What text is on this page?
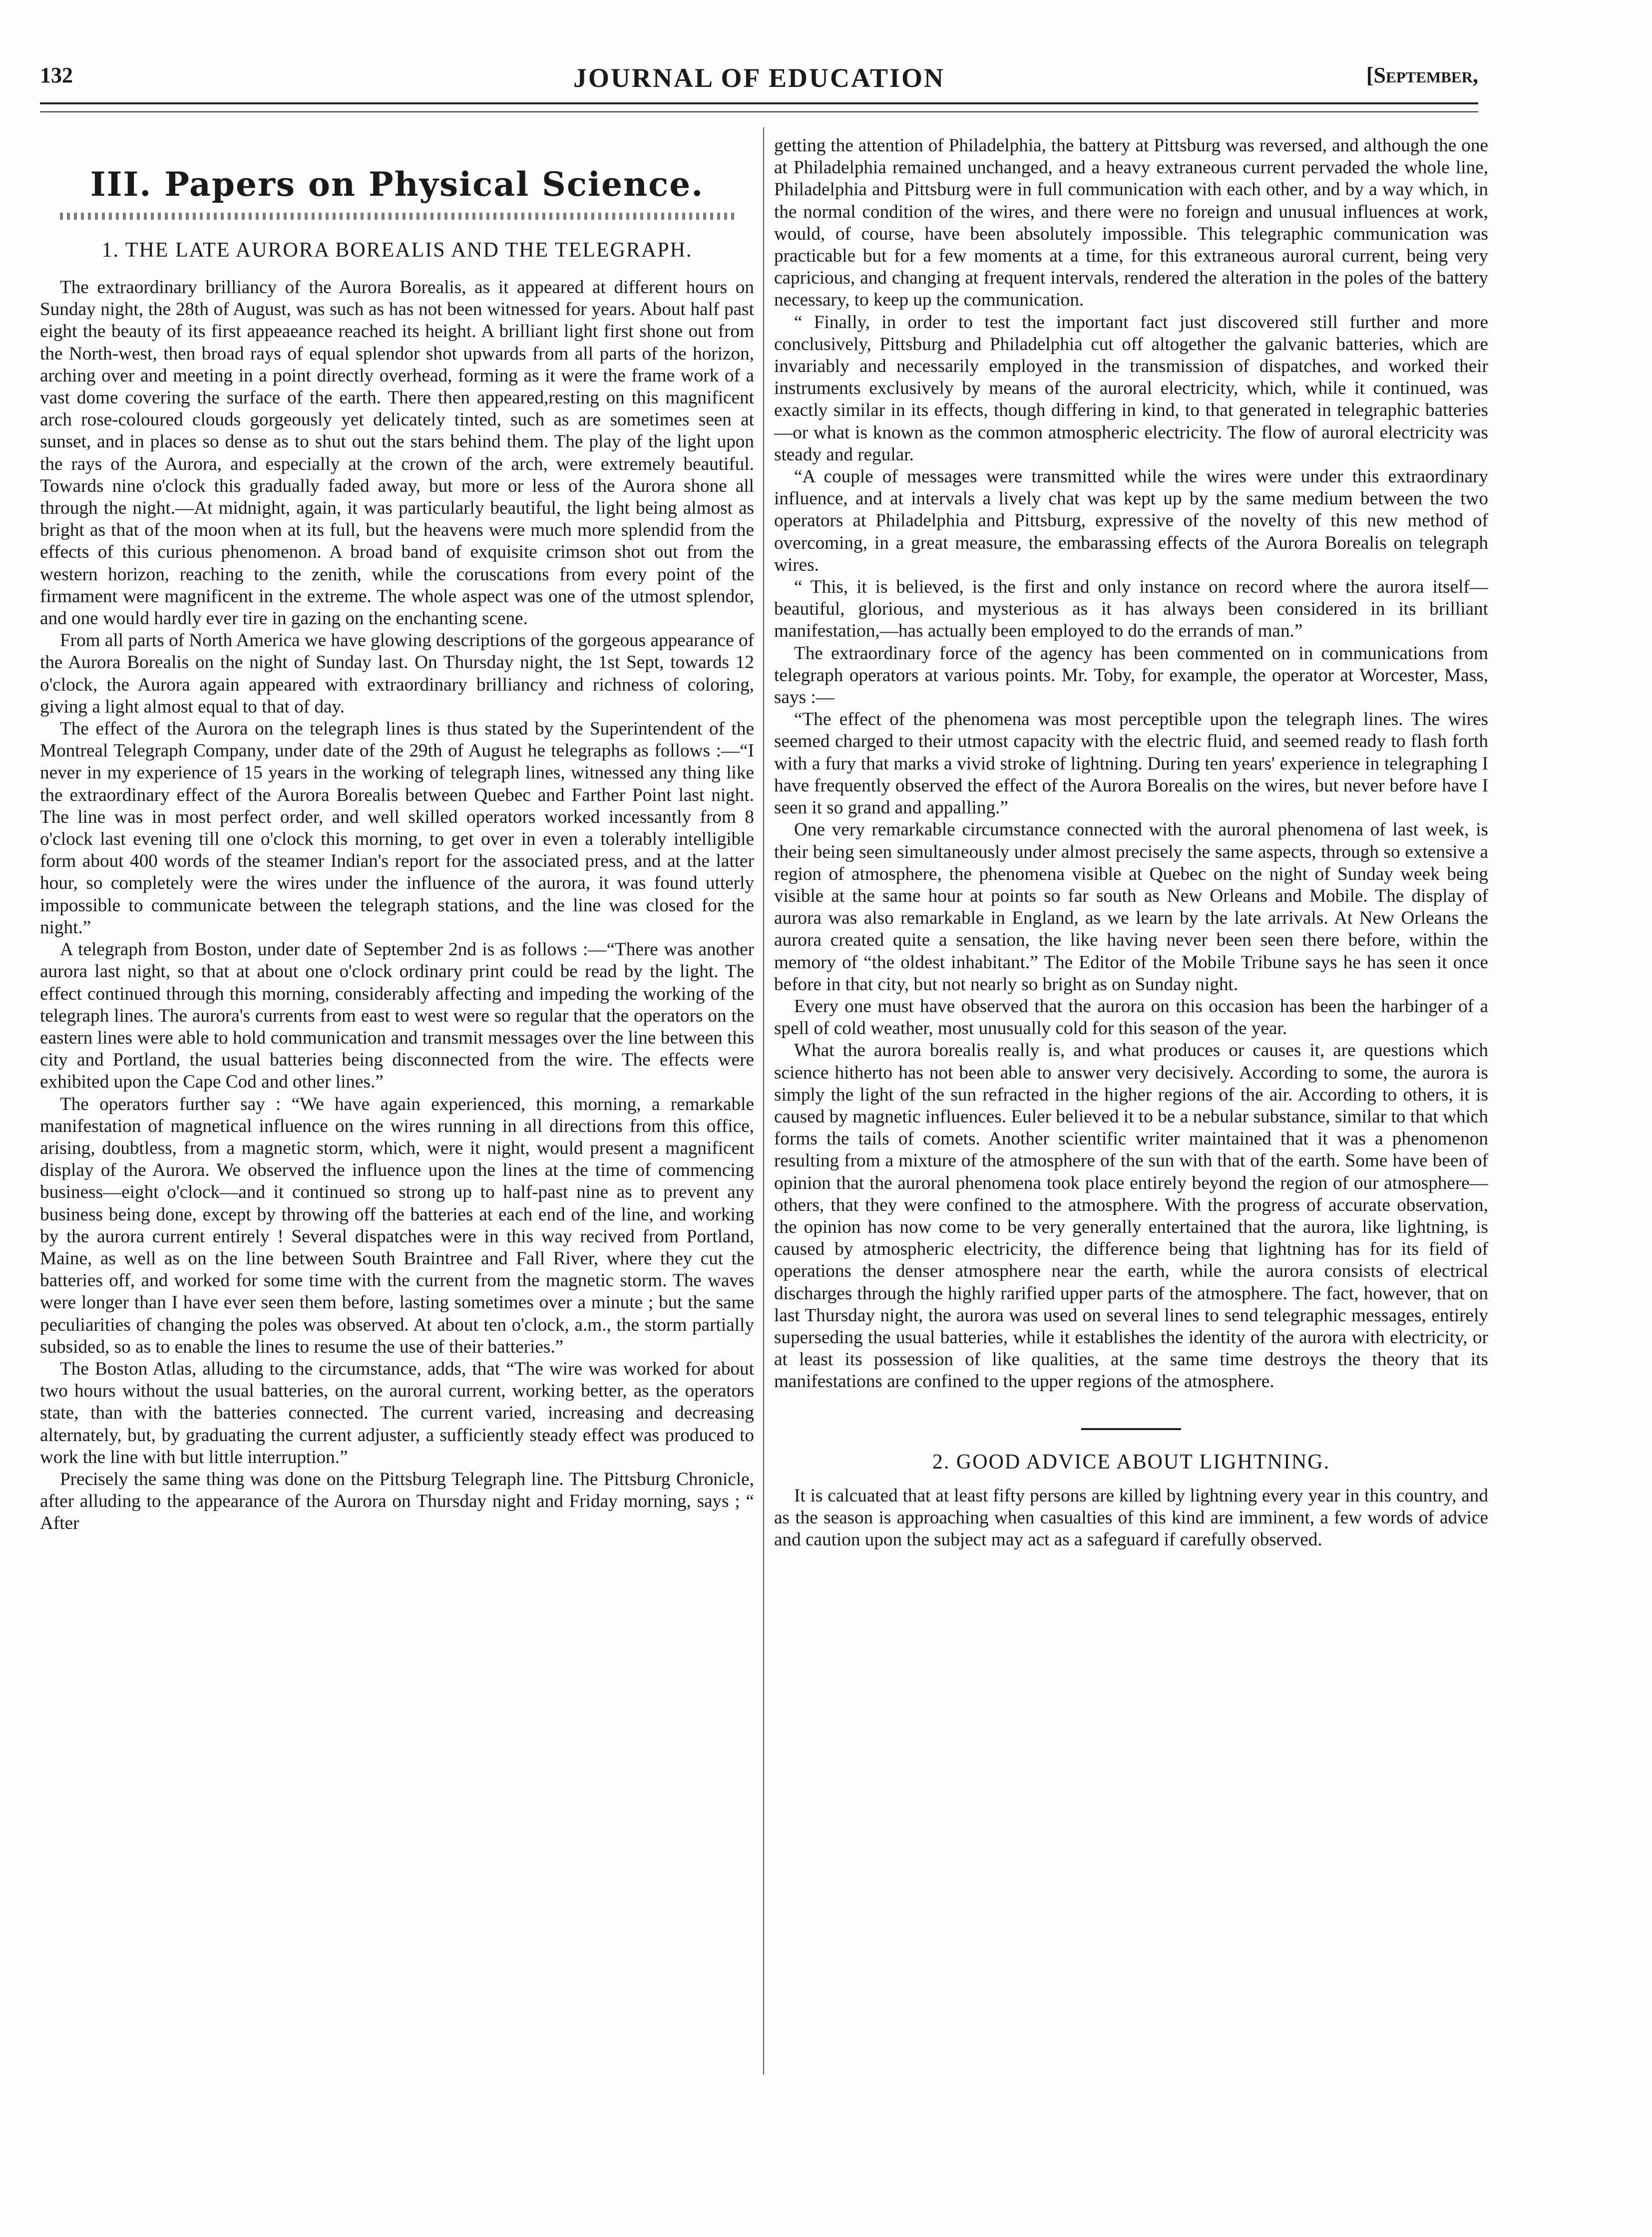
JOURNAL OF EDUCATION
132	[September,
III. Papers on Physical Science.
1. THE LATE AURORA BOREALIS AND THE TELEGRAPH.

The extraordinary brilliancy of the Aurora Borealis, as it appeared at different hours on Sunday night, the 28th of August, was such as has not been witnessed for years. About half past eight the beauty of its first appeaeance reached its height. A brilliant light first shone out from the North-west, then broad rays of equal splendor shot upwards from all parts of the horizon, arching over and meeting in a point directly overhead, forming as it were the frame work of a vast dome covering the surface of the earth. There then appeared,resting on this magnificent arch rose-coloured clouds gorgeously yet delicately tinted, such as are sometimes seen at sunset, and in places so dense as to shut out the stars behind them. The play of the light upon the rays of the Aurora, and especially at the crown of the arch, were extremely beautiful. Towards nine o'clock this gradually faded away, but more or less of the Aurora shone all through the night.—At midnight, again, it was particularly beautiful, the light being almost as bright as that of the moon when at its full, but the heavens were much more splendid from the effects of this curious phenomenon. A broad band of exquisite crimson shot out from the western horizon, reaching to the zenith, while the coruscations from every point of the firmament were magnificent in the extreme. The whole aspect was one of the utmost splendor, and one would hardly ever tire in gazing on the enchanting scene.

From all parts of North America we have glowing descriptions of the gorgeous appearance of the Aurora Borealis on the night of Sunday last. On Thursday night, the 1st Sept, towards 12 o'clock, the Aurora again appeared with extraordinary brilliancy and richness of coloring, giving a light almost equal to that of day.

The effect of the Aurora on the telegraph lines is thus stated by the Superintendent of the Montreal Telegraph Company, under date of the 29th of August he telegraphs as follows :—“I never in my experience of 15 years in the working of telegraph lines, witnessed any thing like the extraordinary effect of the Aurora Borealis between Quebec and Farther Point last night. The line was in most perfect order, and well skilled operators worked incessantly from 8 o'clock last evening till one o'clock this morning, to get over in even a tolerably intelligible form about 400 words of the steamer Indian's report for the associated press, and at the latter hour, so completely were the wires under the influence of the aurora, it was found utterly impossible to communicate between the telegraph stations, and the line was closed for the night.”

A telegraph from Boston, under date of September 2nd is as follows :—“There was another aurora last night, so that at about one o'clock ordinary print could be read by the light. The effect continued through this morning, considerably affecting and impeding the working of the telegraph lines. The aurora's currents from east to west were so regular that the operators on the eastern lines were able to hold communication and transmit messages over the line between this city and Portland, the usual batteries being disconnected from the wire. The effects were exhibited upon the Cape Cod and other lines.”

The operators further say : “We have again experienced, this morning, a remarkable manifestation of magnetical influence on the wires running in all directions from this office, arising, doubtless, from a magnetic storm, which, were it night, would present a magnificent display of the Aurora. We observed the influence upon the lines at the time of commencing business—eight o'clock—and it continued so strong up to half-past nine as to prevent any business being done, except by throwing off the batteries at each end of the line, and working by the aurora current entirely ! Several dispatches were in this way recived from Portland, Maine, as well as on the line between South Braintree and Fall River, where they cut the batteries off, and worked for some time with the current from the magnetic storm. The waves were longer than I have ever seen them before, lasting sometimes over a minute ; but the same peculiarities of changing the poles was observed. At about ten o'clock, a.m., the storm partially subsided, so as to enable the lines to resume the use of their batteries.”

The Boston Atlas, alluding to the circumstance, adds, that “The wire was worked for about two hours without the usual batteries, on the auroral current, working better, as the operators state, than with the batteries connected. The current varied, increasing and decreasing alternately, but, by graduating the current adjuster, a sufficiently steady effect was produced to work the line with but little interruption.”

Precisely the same thing was done on the Pittsburg Telegraph line. The Pittsburg Chronicle, after alluding to the appearance of the Aurora on Thursday night and Friday morning, says ; “ After

getting the attention of Philadelphia, the battery at Pittsburg was reversed, and although the one at Philadelphia remained unchanged, and a heavy extraneous current pervaded the whole line, Philadelphia and Pittsburg were in full communication with each other, and by a way which, in the normal condition of the wires, and there were no foreign and unusual influences at work, would, of course, have been absolutely impossible. This telegraphic communication was practicable but for a few moments at a time, for this extraneous auroral current, being very capricious, and changing at frequent intervals, rendered the alteration in the poles of the battery necessary, to keep up the communication.

“ Finally, in order to test the important fact just discovered still further and more conclusively, Pittsburg and Philadelphia cut off altogether the galvanic batteries, which are invariably and necessarily employed in the transmission of dispatches, and worked their instruments exclusively by means of the auroral electricity, which, while it continued, was exactly similar in its effects, though differing in kind, to that generated in telegraphic batteries—or what is known as the common atmospheric electricity. The flow of auroral electricity was steady and regular.

“A couple of messages were transmitted while the wires were under this extraordinary influence, and at intervals a lively chat was kept up by the same medium between the two operators at Philadelphia and Pittsburg, expressive of the novelty of this new method of overcoming, in a great measure, the embarassing effects of the Aurora Borealis on telegraph wires.

“ This, it is believed, is the first and only instance on record where the aurora itself—beautiful, glorious, and mysterious as it has always been considered in its brilliant manifestation,—has actually been employed to do the errands of man.”

The extraordinary force of the agency has been commented on in communications from telegraph operators at various points. Mr. Toby, for example, the operator at Worcester, Mass, says :—

“The effect of the phenomena was most perceptible upon the telegraph lines. The wires seemed charged to their utmost capacity with the electric fluid, and seemed ready to flash forth with a fury that marks a vivid stroke of lightning. During ten years' experience in telegraphing I have frequently observed the effect of the Aurora Borealis on the wires, but never before have I seen it so grand and appalling.”

One very remarkable circumstance connected with the auroral phenomena of last week, is their being seen simultaneously under almost precisely the same aspects, through so extensive a region of atmosphere, the phenomena visible at Quebec on the night of Sunday week being visible at the same hour at points so far south as New Orleans and Mobile. The display of aurora was also remarkable in England, as we learn by the late arrivals. At New Orleans the aurora created quite a sensation, the like having never been seen there before, within the memory of “the oldest inhabitant.” The Editor of the Mobile Tribune says he has seen it once before in that city, but not nearly so bright as on Sunday night.

Every one must have observed that the aurora on this occasion has been the harbinger of a spell of cold weather, most unusually cold for this season of the year.

What the aurora borealis really is, and what produces or causes it, are questions which science hitherto has not been able to answer very decisively. According to some, the aurora is simply the light of the sun refracted in the higher regions of the air. According to others, it is caused by magnetic influences. Euler believed it to be a nebular substance, similar to that which forms the tails of comets. Another scientific writer maintained that it was a phenomenon resulting from a mixture of the atmosphere of the sun with that of the earth. Some have been of opinion that the auroral phenomena took place entirely beyond the region of our atmosphere—others, that they were confined to the atmosphere. With the progress of accurate observation, the opinion has now come to be very generally entertained that the aurora, like lightning, is caused by atmospheric electricity, the difference being that lightning has for its field of operations the denser atmosphere near the earth, while the aurora consists of electrical discharges through the highly rarified upper parts of the atmosphere. The fact, however, that on last Thursday night, the aurora was used on several lines to send telegraphic messages, entirely superseding the usual batteries, while it establishes the identity of the aurora with electricity, or at least its possession of like qualities, at the same time destroys the theory that its manifestations are confined to the upper regions of the atmosphere.

2. GOOD ADVICE ABOUT LIGHTNING.

It is calcuated that at least fifty persons are killed by lightning every year in this country, and as the season is approaching when casualties of this kind are imminent, a few words of advice and caution upon the subject may act as a safeguard if carefully observed.
